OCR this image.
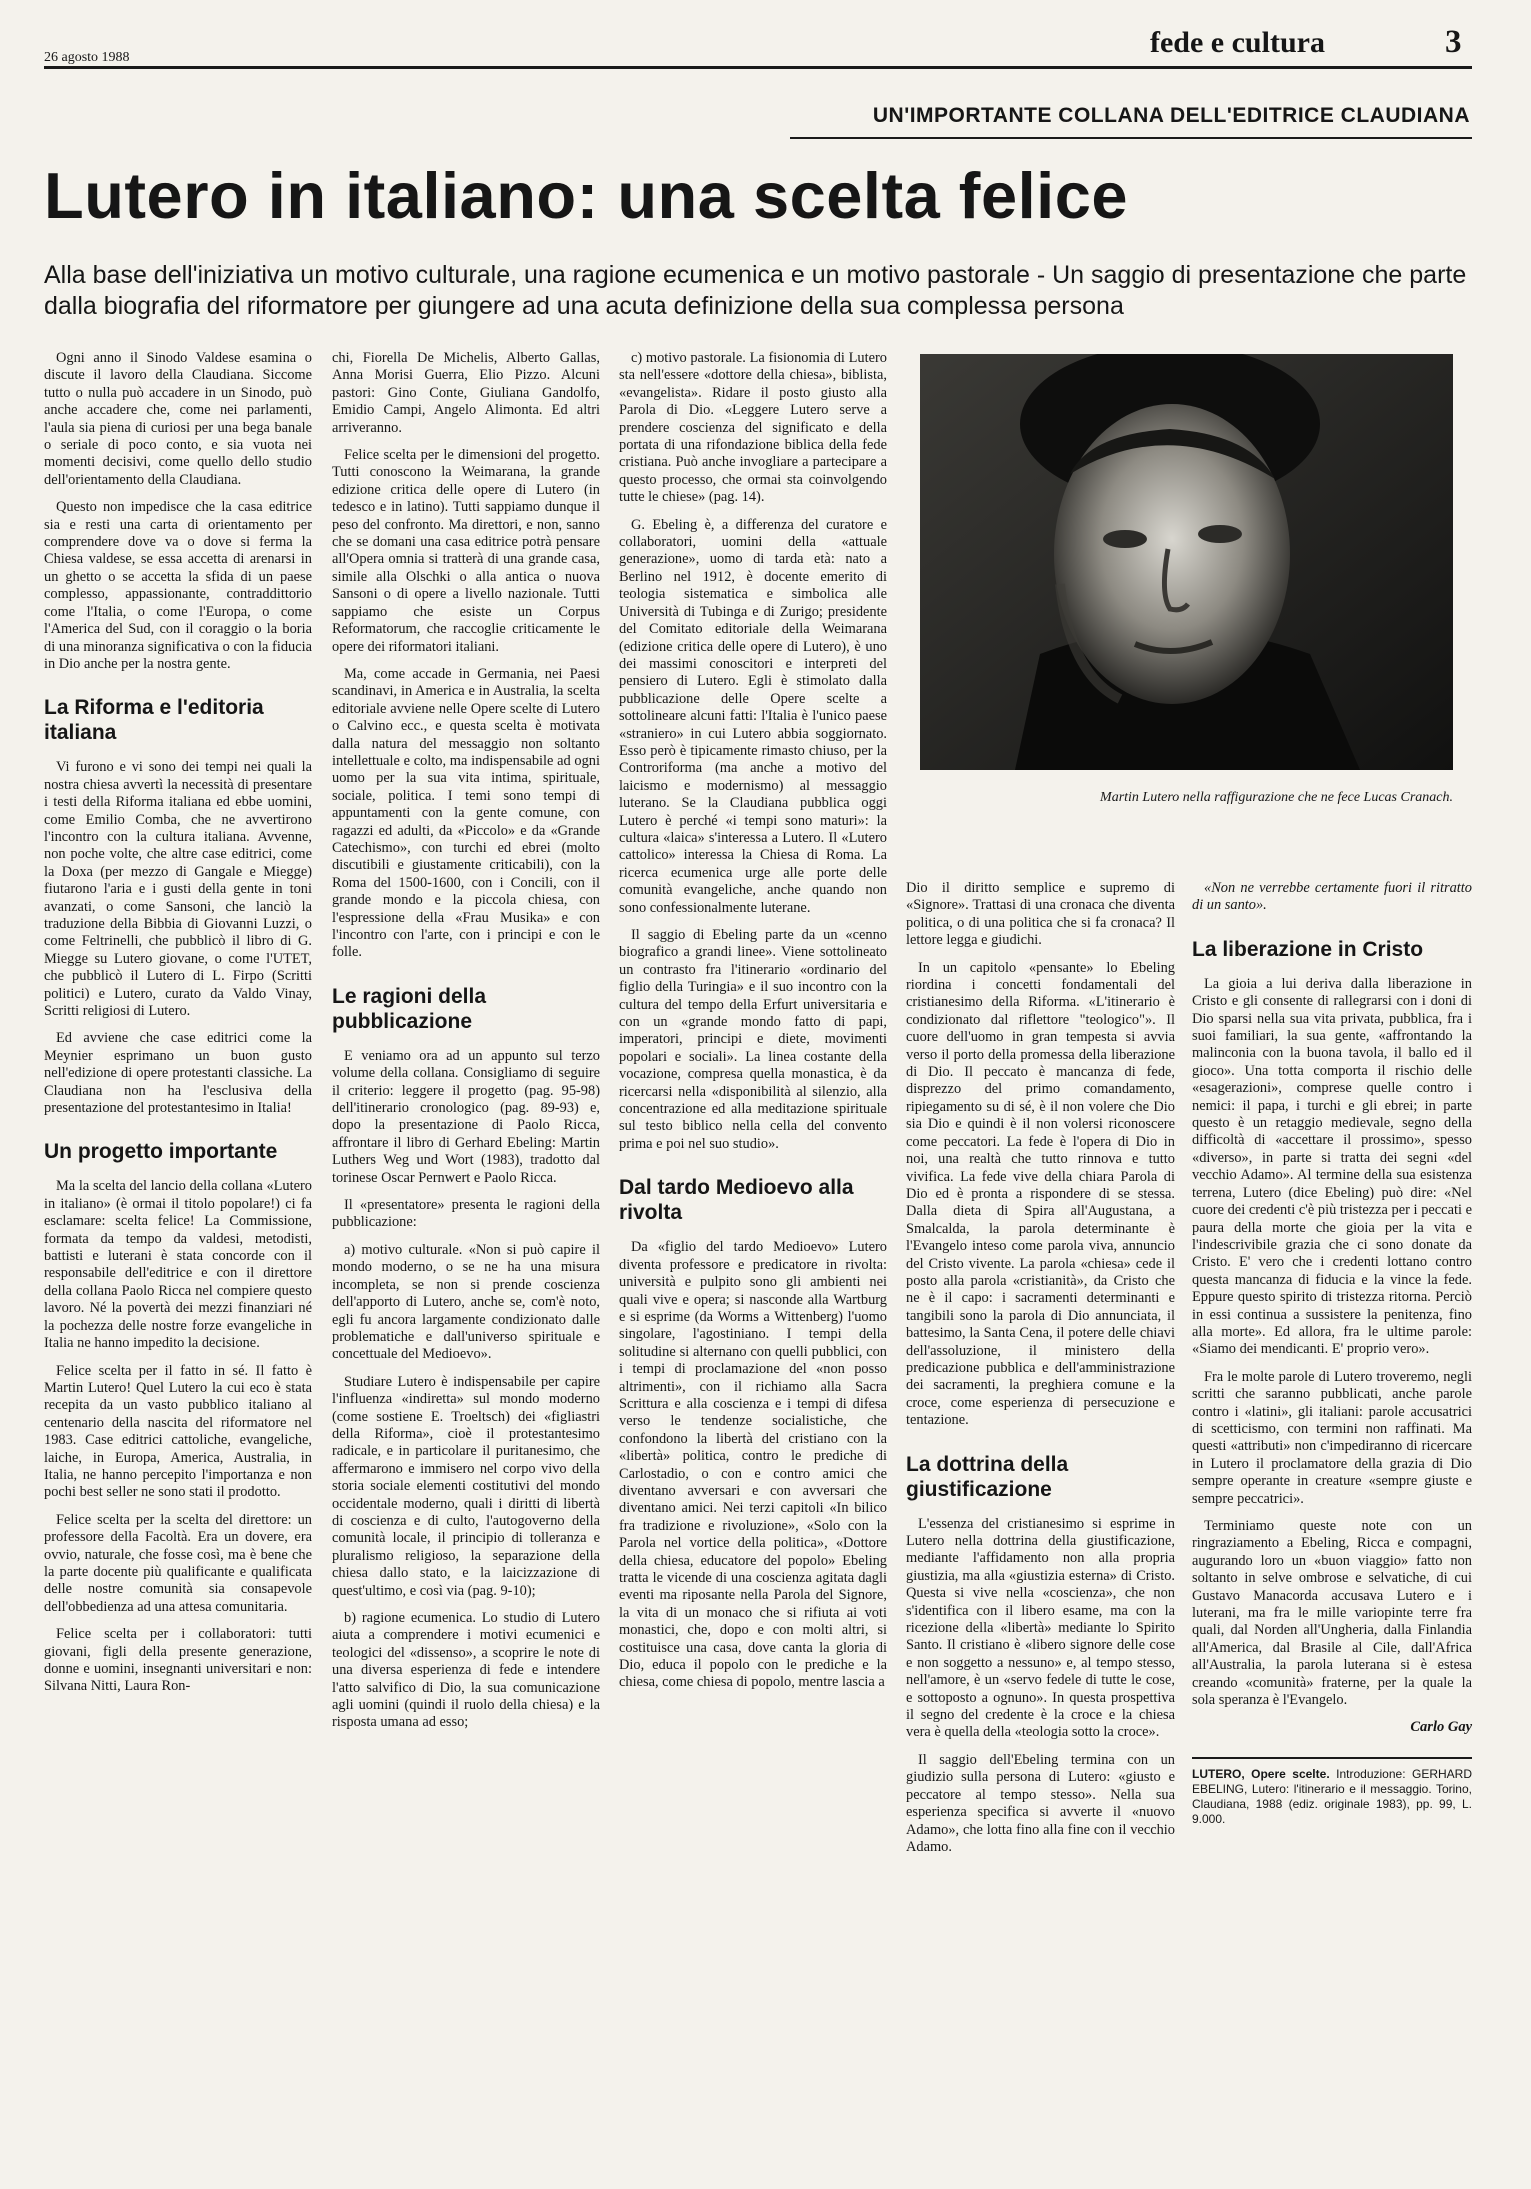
26 agosto 1988	fede e cultura	3
UN'IMPORTANTE COLLANA DELL'EDITRICE CLAUDIANA
Lutero in italiano: una scelta felice

Alla base dell'iniziativa un motivo culturale, una ragione ecumenica e un motivo pastorale - Un saggio di presentazione che parte dalla biografia del riformatore per giungere ad una acuta definizione della sua complessa persona

Ogni anno il Sinodo Valdese esamina o discute il lavoro della Claudiana. Siccome tutto o nulla può accadere in un Sinodo, può anche accadere che, come nei parlamenti, l'aula sia piena di curiosi per una bega banale o seriale di poco conto, e sia vuota nei momenti decisivi, come quello dello studio dell'orientamento della Claudiana.

Questo non impedisce che la casa editrice sia e resti una carta di orientamento per comprendere dove va o dove si ferma la Chiesa valdese, se essa accetta di arenarsi in un ghetto o se accetta la sfida di un paese complesso, appassionante, contraddittorio come l'Italia, o come l'Europa, o come l'America del Sud, con il coraggio o la boria di una minoranza significativa o con la fiducia in Dio anche per la nostra gente.

La Riforma e l'editoria italiana

Vi furono e vi sono dei tempi nei quali la nostra chiesa avvertì la necessità di presentare i testi della Riforma italiana ed ebbe uomini, come Emilio Comba, che ne avvertirono l'incontro con la cultura italiana. Avvenne, non poche volte, che altre case editrici, come la Doxa (per mezzo di Gangale e Miegge) fiutarono l'aria e i gusti della gente in toni avanzati, o come Sansoni, che lanciò la traduzione della Bibbia di Giovanni Luzzi, o come Feltrinelli, che pubblicò il libro di G. Miegge su Lutero giovane, o come l'UTET, che pubblicò il Lutero di L. Firpo (Scritti politici) e Lutero, curato da Valdo Vinay, Scritti religiosi di Lutero.

Ed avviene che case editrici come la Meynier esprimano un buon gusto nell'edizione di opere protestanti classiche. La Claudiana non ha l'esclusiva della presentazione del protestantesimo in Italia!

Un progetto importante

Ma la scelta del lancio della collana «Lutero in italiano» (è ormai il titolo popolare!) ci fa esclamare: scelta felice! La Commissione, formata da tempo da valdesi, metodisti, battisti e luterani è stata concorde con il responsabile dell'editrice e con il direttore della collana Paolo Ricca nel compiere questo lavoro. Né la povertà dei mezzi finanziari né la pochezza delle nostre forze evangeliche in Italia ne hanno impedito la decisione.

Felice scelta per il fatto in sé. Il fatto è Martin Lutero! Quel Lutero la cui eco è stata recepita da un vasto pubblico italiano al centenario della nascita del riformatore nel 1983. Case editrici cattoliche, evangeliche, laiche, in Europa, America, Australia, in Italia, ne hanno percepito l'importanza e non pochi best seller ne sono stati il prodotto.

Felice scelta per la scelta del direttore: un professore della Facoltà. Era un dovere, era ovvio, naturale, che fosse così, ma è bene che la parte docente più qualificante e qualificata delle nostre comunità sia consapevole dell'obbedienza ad una attesa comunitaria.

Felice scelta per i collaboratori: tutti giovani, figli della presente generazione, donne e uomini, insegnanti universitari e non: Silvana Nitti, Laura Ron-

chi, Fiorella De Michelis, Alberto Gallas, Anna Morisi Guerra, Elio Pizzo. Alcuni pastori: Gino Conte, Giuliana Gandolfo, Emidio Campi, Angelo Alimonta. Ed altri arriveranno.

Felice scelta per le dimensioni del progetto. Tutti conoscono la Weimarana, la grande edizione critica delle opere di Lutero (in tedesco e in latino). Tutti sappiamo dunque il peso del confronto. Ma direttori, e non, sanno che se domani una casa editrice potrà pensare all'Opera omnia si tratterà di una grande casa, simile alla Olschki o alla antica o nuova Sansoni o di opere a livello nazionale. Tutti sappiamo che esiste un Corpus Reformatorum, che raccoglie criticamente le opere dei riformatori italiani.

Ma, come accade in Germania, nei Paesi scandinavi, in America e in Australia, la scelta editoriale avviene nelle Opere scelte di Lutero o Calvino ecc., e questa scelta è motivata dalla natura del messaggio non soltanto intellettuale e colto, ma indispensabile ad ogni uomo per la sua vita intima, spirituale, sociale, politica. I temi sono tempi di appuntamenti con la gente comune, con ragazzi ed adulti, da «Piccolo» e da «Grande Catechismo», con turchi ed ebrei (molto discutibili e giustamente criticabili), con la Roma del 1500-1600, con i Concili, con il grande mondo e la piccola chiesa, con l'espressione della «Frau Musika» e con l'incontro con l'arte, con i principi e con le folle.

Le ragioni della pubblicazione

E veniamo ora ad un appunto sul terzo volume della collana. Consigliamo di seguire il criterio: leggere il progetto (pag. 95-98) dell'itinerario cronologico (pag. 89-93) e, dopo la presentazione di Paolo Ricca, affrontare il libro di Gerhard Ebeling: Martin Luthers Weg und Wort (1983), tradotto dal torinese Oscar Pernwert e Paolo Ricca.

Il «presentatore» presenta le ragioni della pubblicazione:

a) motivo culturale. «Non si può capire il mondo moderno, o se ne ha una misura incompleta, se non si prende coscienza dell'apporto di Lutero, anche se, com'è noto, egli fu ancora largamente condizionato dalle problematiche e dall'universo spirituale e concettuale del Medioevo».

Studiare Lutero è indispensabile per capire l'influenza «indiretta» sul mondo moderno (come sostiene E. Troeltsch) dei «figliastri della Riforma», cioè il protestantesimo radicale, e in particolare il puritanesimo, che affermarono e immisero nel corpo vivo della storia sociale elementi costitutivi del mondo occidentale moderno, quali i diritti di libertà di coscienza e di culto, l'autogoverno della comunità locale, il principio di tolleranza e pluralismo religioso, la separazione della chiesa dallo stato, e la laicizzazione di quest'ultimo, e così via (pag. 9-10);

b) ragione ecumenica. Lo studio di Lutero aiuta a comprendere i motivi ecumenici e teologici del «dissenso», a scoprire le note di una diversa esperienza di fede e intendere l'atto salvifico di Dio, la sua comunicazione agli uomini (quindi il ruolo della chiesa) e la risposta umana ad esso;

c) motivo pastorale. La fisionomia di Lutero sta nell'essere «dottore della chiesa», biblista, «evangelista». Ridare il posto giusto alla Parola di Dio. «Leggere Lutero serve a prendere coscienza del significato e della portata di una rifondazione biblica della fede cristiana. Può anche invogliare a partecipare a questo processo, che ormai sta coinvolgendo tutte le chiese» (pag. 14).

G. Ebeling è, a differenza del curatore e collaboratori, uomini della «attuale generazione», uomo di tarda età: nato a Berlino nel 1912, è docente emerito di teologia sistematica e simbolica alle Università di Tubinga e di Zurigo; presidente del Comitato editoriale della Weimarana (edizione critica delle opere di Lutero), è uno dei massimi conoscitori e interpreti del pensiero di Lutero. Egli è stimolato dalla pubblicazione delle Opere scelte a sottolineare alcuni fatti: l'Italia è l'unico paese «straniero» in cui Lutero abbia soggiornato. Esso però è tipicamente rimasto chiuso, per la Controriforma (ma anche a motivo del laicismo e modernismo) al messaggio luterano. Se la Claudiana pubblica oggi Lutero è perché «i tempi sono maturi»: la cultura «laica» s'interessa a Lutero. Il «Lutero cattolico» interessa la Chiesa di Roma. La ricerca ecumenica urge alle porte delle comunità evangeliche, anche quando non sono confessionalmente luterane.

Il saggio di Ebeling parte da un «cenno biografico a grandi linee». Viene sottolineato un contrasto fra l'itinerario «ordinario del figlio della Turingia» e il suo incontro con la cultura del tempo della Erfurt universitaria e con un «grande mondo fatto di papi, imperatori, principi e diete, movimenti popolari e sociali». La linea costante della vocazione, compresa quella monastica, è da ricercarsi nella «disponibilità al silenzio, alla concentrazione ed alla meditazione spirituale sul testo biblico nella cella del convento prima e poi nel suo studio».

Dal tardo Medioevo alla rivolta

Da «figlio del tardo Medioevo» Lutero diventa professore e predicatore in rivolta: università e pulpito sono gli ambienti nei quali vive e opera; si nasconde alla Wartburg e si esprime (da Worms a Wittenberg) l'uomo singolare, l'agostiniano. I tempi della solitudine si alternano con quelli pubblici, con i tempi di proclamazione del «non posso altrimenti», con il richiamo alla Sacra Scrittura e alla coscienza e i tempi di difesa verso le tendenze socialistiche, che confondono la libertà del cristiano con la «libertà» politica, contro le prediche di Carlostadio, o con e contro amici che diventano avversari e con avversari che diventano amici. Nei terzi capitoli «In bilico fra tradizione e rivoluzione», «Solo con la Parola nel vortice della politica», «Dottore della chiesa, educatore del popolo» Ebeling tratta le vicende di una coscienza agitata dagli eventi ma riposante nella Parola del Signore, la vita di un monaco che si rifiuta ai voti monastici, che, dopo e con molti altri, si costituisce una casa, dove canta la gloria di Dio, educa il popolo con le prediche e la chiesa, come chiesa di popolo, mentre lascia a

Martin Lutero nella raffigurazione che ne fece Lucas Cranach.

Dio il diritto semplice e supremo di «Signore». Trattasi di una cronaca che diventa politica, o di una politica che si fa cronaca? Il lettore legga e giudichi.

In un capitolo «pensante» lo Ebeling riordina i concetti fondamentali del cristianesimo della Riforma. «L'itinerario è condizionato dal riflettore "teologico"». Il cuore dell'uomo in gran tempesta si avvia verso il porto della promessa della liberazione di Dio. Il peccato è mancanza di fede, disprezzo del primo comandamento, ripiegamento su di sé, è il non volere che Dio sia Dio e quindi è il non volersi riconoscere come peccatori. La fede è l'opera di Dio in noi, una realtà che tutto rinnova e tutto vivifica. La fede vive della chiara Parola di Dio ed è pronta a rispondere di se stessa. Dalla dieta di Spira all'Augustana, a Smalcalda, la parola determinante è l'Evangelo inteso come parola viva, annuncio del Cristo vivente. La parola «chiesa» cede il posto alla parola «cristianità», da Cristo che ne è il capo: i sacramenti determinanti e tangibili sono la parola di Dio annunciata, il battesimo, la Santa Cena, il potere delle chiavi dell'assoluzione, il ministero della predicazione pubblica e dell'amministrazione dei sacramenti, la preghiera comune e la croce, come esperienza di persecuzione e tentazione.

La dottrina della giustificazione

L'essenza del cristianesimo si esprime in Lutero nella dottrina della giustificazione, mediante l'affidamento non alla propria giustizia, ma alla «giustizia esterna» di Cristo. Questa si vive nella «coscienza», che non s'identifica con il libero esame, ma con la ricezione della «libertà» mediante lo Spirito Santo. Il cristiano è «libero signore delle cose e non soggetto a nessuno» e, al tempo stesso, nell'amore, è un «servo fedele di tutte le cose, e sottoposto a ognuno». In questa prospettiva il segno del credente è la croce e la chiesa vera è quella della «teologia sotto la croce».

Il saggio dell'Ebeling termina con un giudizio sulla persona di Lutero: «giusto e peccatore al tempo stesso». Nella sua esperienza specifica si avverte il «nuovo Adamo», che lotta fino alla fine con il vecchio Adamo.

«Non ne verrebbe certamente fuori il ritratto di un santo».

La liberazione in Cristo

La gioia a lui deriva dalla liberazione in Cristo e gli consente di rallegrarsi con i doni di Dio sparsi nella sua vita privata, pubblica, fra i suoi familiari, la sua gente, «affrontando la malinconia con la buona tavola, il ballo ed il gioco». Una totta comporta il rischio delle «esagerazioni», comprese quelle contro i nemici: il papa, i turchi e gli ebrei; in parte questo è un retaggio medievale, segno della difficoltà di «accettare il prossimo», spesso «diverso», in parte si tratta dei segni «del vecchio Adamo». Al termine della sua esistenza terrena, Lutero (dice Ebeling) può dire: «Nel cuore dei credenti c'è più tristezza per i peccati e paura della morte che gioia per la vita e l'indescrivibile grazia che ci sono donate da Cristo. E' vero che i credenti lottano contro questa mancanza di fiducia e la vince la fede. Eppure questo spirito di tristezza ritorna. Perciò in essi continua a sussistere la penitenza, fino alla morte». Ed allora, fra le ultime parole: «Siamo dei mendicanti. E' proprio vero».

Fra le molte parole di Lutero troveremo, negli scritti che saranno pubblicati, anche parole contro i «latini», gli italiani: parole accusatrici di scetticismo, con termini non raffinati. Ma questi «attributi» non c'impediranno di ricercare in Lutero il proclamatore della grazia di Dio sempre operante in creature «sempre giuste e sempre peccatrici».

Terminiamo queste note con un ringraziamento a Ebeling, Ricca e compagni, augurando loro un «buon viaggio» fatto non soltanto in selve ombrose e selvatiche, di cui Gustavo Manacorda accusava Lutero e i luterani, ma fra le mille variopinte terre fra quali, dal Norden all'Ungheria, dalla Finlandia all'America, dal Brasile al Cile, dall'Africa all'Australia, la parola luterana si è estesa creando «comunità» fraterne, per la quale la sola speranza è l'Evangelo.

Carlo Gay

LUTERO, Opere scelte. Introduzione: GERHARD EBELING, Lutero: l'itinerario e il messaggio. Torino, Claudiana, 1988 (ediz. originale 1983), pp. 99, L. 9.000.
